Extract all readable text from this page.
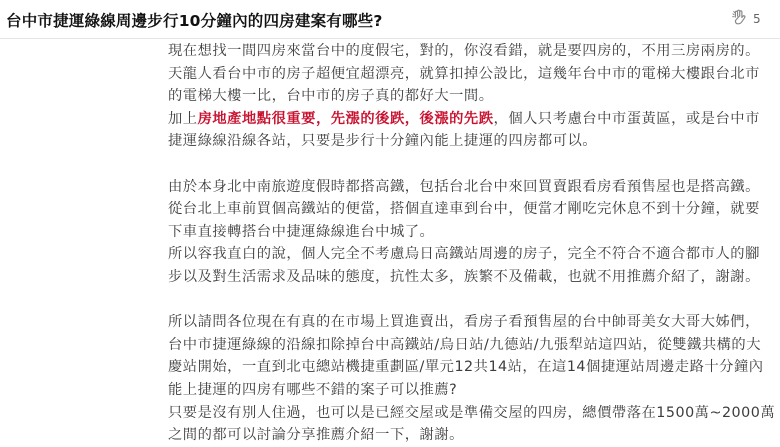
台中市捷運綠線周邊步行10分鐘內的四房建案有哪些?	5
現在想找一間四房來當台中的度假宅，對的，你沒看錯，就是要四房的，不用三房兩房的。
天龍人看台中市的房子超便宜超漂亮，就算扣掉公設比，這幾年台中市的電梯大樓跟台北市
的電梯大樓一比，台中市的房子真的都好大一間。
加上房地產地點很重要，先漲的後跌，後漲的先跌，個人只考慮台中市蛋黃區，或是台中市
捷運綠線沿線各站，只要是步行十分鐘內能上捷運的四房都可以。
由於本身北中南旅遊度假時都搭高鐵，包括台北台中來回買賣跟看房看預售屋也是搭高鐵。
從台北上車前買個高鐵站的便當，搭個直達車到台中，便當才剛吃完休息不到十分鐘，就要
下車直接轉搭台中捷運綠線進台中城了。
所以容我直白的說，個人完全不考慮烏日高鐵站周邊的房子，完全不符合不適合都市人的腳
步以及對生活需求及品味的態度，抗性太多，族繁不及備載，也就不用推薦介紹了，謝謝。
所以請問各位現在有真的在市場上買進賣出，看房子看預售屋的台中帥哥美女大哥大姊們，
台中市捷運綠線的沿線扣除掉台中高鐵站/烏日站/九德站/九張犁站這四站，從雙鐵共構的大
慶站開始，一直到北屯總站機捷重劃區/單元12共14站，在這14個捷運站周邊走路十分鐘內
能上捷運的四房有哪些不錯的案子可以推薦?
只要是沒有別人住過，也可以是已經交屋或是準備交屋的四房，總價帶落在1500萬~2000萬
之間的都可以討論分享推薦介紹一下，謝謝。
